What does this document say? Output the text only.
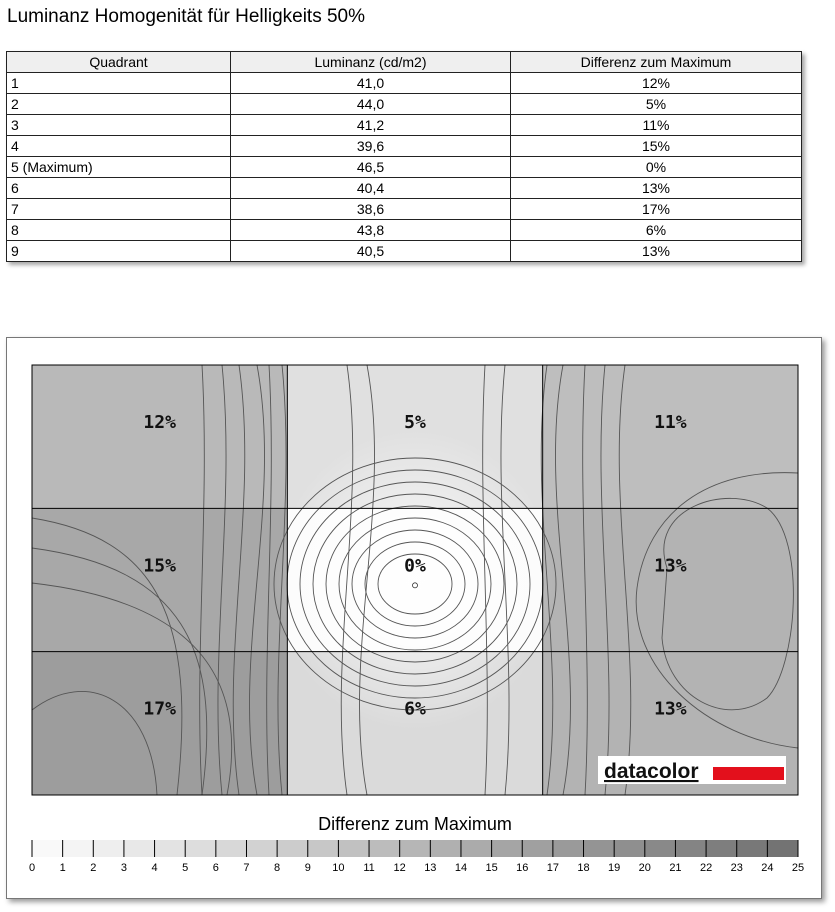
Luminanz Homogenität für Helligkeits 50%
Quadrant	Luminanz (cd/m2)	Differenz zum Maximum
1	41,0	12%
2	44,0	5%
3	41,2	11%
4	39,6	15%
5 (Maximum)	46,5	0%
6	40,4	13%
7	38,6	17%
8	43,8	6%
9	40,5	13%
12%	5%	11%
15%	0%	13%
17%	6%	13%
datacolor
Differenz zum Maximum
0 1 2 3 4 5 6 7 8 9 10 11 12 13 14 15 16 17 18 19 20 21 22 23 24 25
